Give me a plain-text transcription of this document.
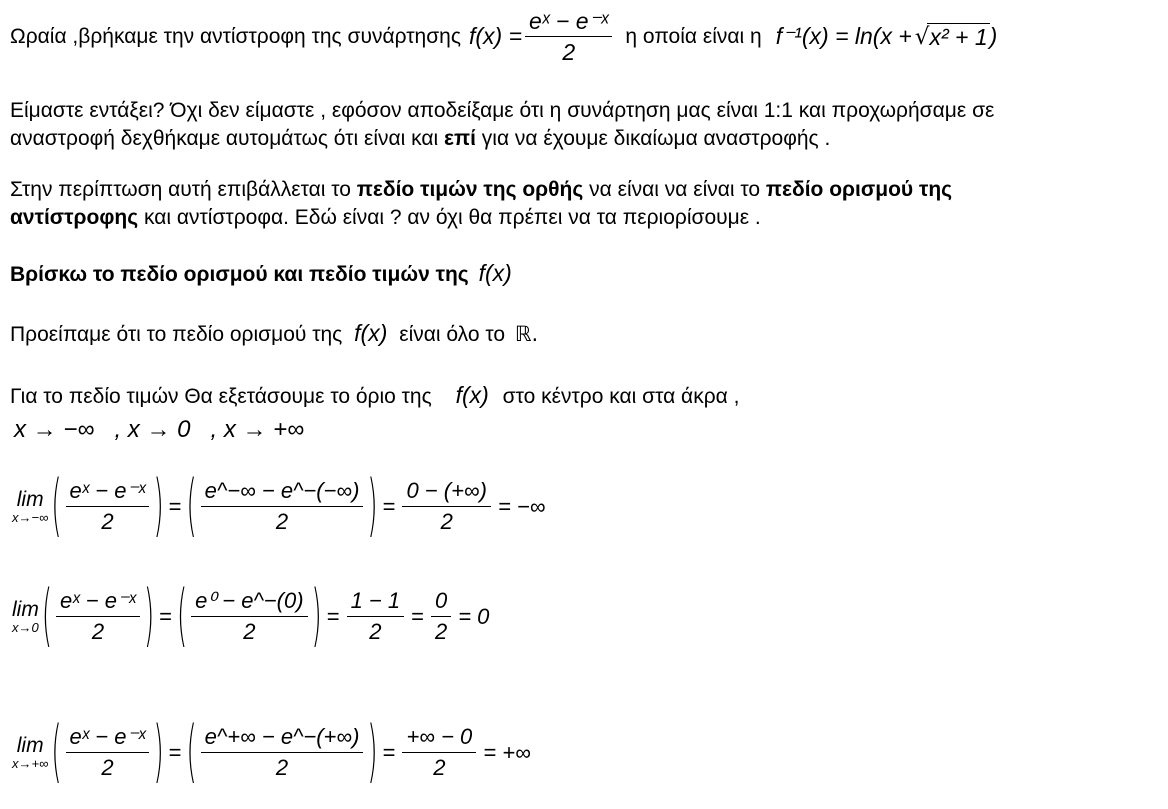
Ωραία ,βρήκαμε την αντίστροφη της συνάρτησης $f(x) = \frac{\text{eˣ − e⁻ˣ}}{2}$ η οποία είναι η f⁻¹(x) = ln(x + √ x² + 1 )
Είμαστε εντάξει? Όχι δεν είμαστε , εφόσον αποδείξαμε ότι η συνάρτηση μας είναι 1:1 και προχωρήσαμε σε
αναστροφή δεχθήκαμε αυτομάτως ότι είναι και επί για να έχουμε δικαίωμα αναστροφής .
Στην περίπτωση αυτή επιβάλλεται το πεδίο τιμών της ορθής να είναι να είναι το πεδίο ορισμού της
αντίστροφης και αντίστροφα. Εδώ είναι ? αν όχι θα πρέπει να τα περιορίσουμε .
Βρίσκω το πεδίο ορισμού και πεδίο τιμών της f(x)
Προείπαμε ότι το πεδίο ορισμού της f(x) είναι όλο το ℝ.
Για το πεδίο τιμών Θα εξετάσουμε το όριο της f(x) στο κέντρο και στα άκρα ,
x → −∞   , x → 0   , x → +∞
lim
x→−∞ ( $\frac{\text{eˣ − e⁻ˣ}}{2}$ ) = ( $\frac{e\^{}-\infty - e\^{}-(-\infty)}{2}$ ) = $\frac{0 - (+\infty)}{2}$ = −∞
lim
x→0 ( $\frac{\text{eˣ − e⁻ˣ}}{2}$ ) = ( $\frac{\text{e⁰ − e\textasciicircum{}−(0)}}{2}$ ) = $\frac{1 - 1}{2} = \frac{0}{2} = 0$
lim
x→+∞ ( $\frac{\text{eˣ − e⁻ˣ}}{2}$ ) = ( $\frac{e\^{}+\infty - e\^{}-(+\infty)}{2}$ ) = $\frac{+\infty - 0}{2}$ = +∞
